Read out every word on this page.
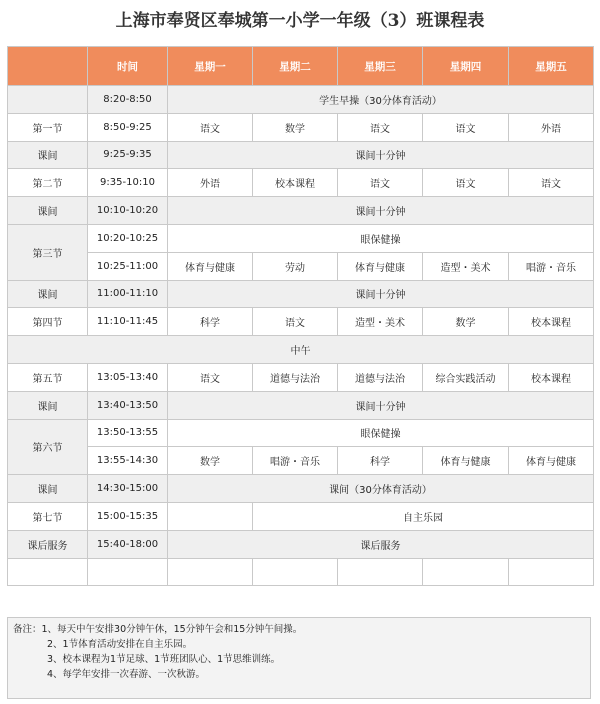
上海市奉贤区奉城第一小学一年级（3）班课程表
	时间	星期一	星期二	星期三	星期四	星期五
	8:20-8:50	学生早操（30分体育活动）				
第一节	8:50-9:25	语文	数学	语文	语文	外语
课间	9:25-9:35	课间十分钟				
第二节	9:35-10:10	外语	校本课程	语文	语文	语文
课间	10:10-10:20	课间十分钟				
第三节	10:20-10:25	眼保健操				
	10:25-11:00	体育与健康	劳动	体育与健康	造型・美术	唱游・音乐
课间	11:00-11:10	课间十分钟				
第四节	11:10-11:45	科学	语文	造型・美术	数学	校本课程
中午						
第五节	13:05-13:40	语文	道德与法治	道德与法治	综合实践活动	校本课程
课间	13:40-13:50	课间十分钟				
第六节	13:50-13:55	眼保健操				
	13:55-14:30	数学	唱游・音乐	科学	体育与健康	体育与健康
课间	14:30-15:00	课间（30分体育活动）				
第七节	15:00-15:35		自主乐园			
课后服务	15:40-18:00	课后服务				

备注：1、每天中午安排30分钟午休，15分钟午会和15分钟午间操。
2、1节体育活动安排在自主乐园。
3、校本课程为1节足球、1节班团队心、1节思维训练。
4、每学年安排一次春游、一次秋游。
